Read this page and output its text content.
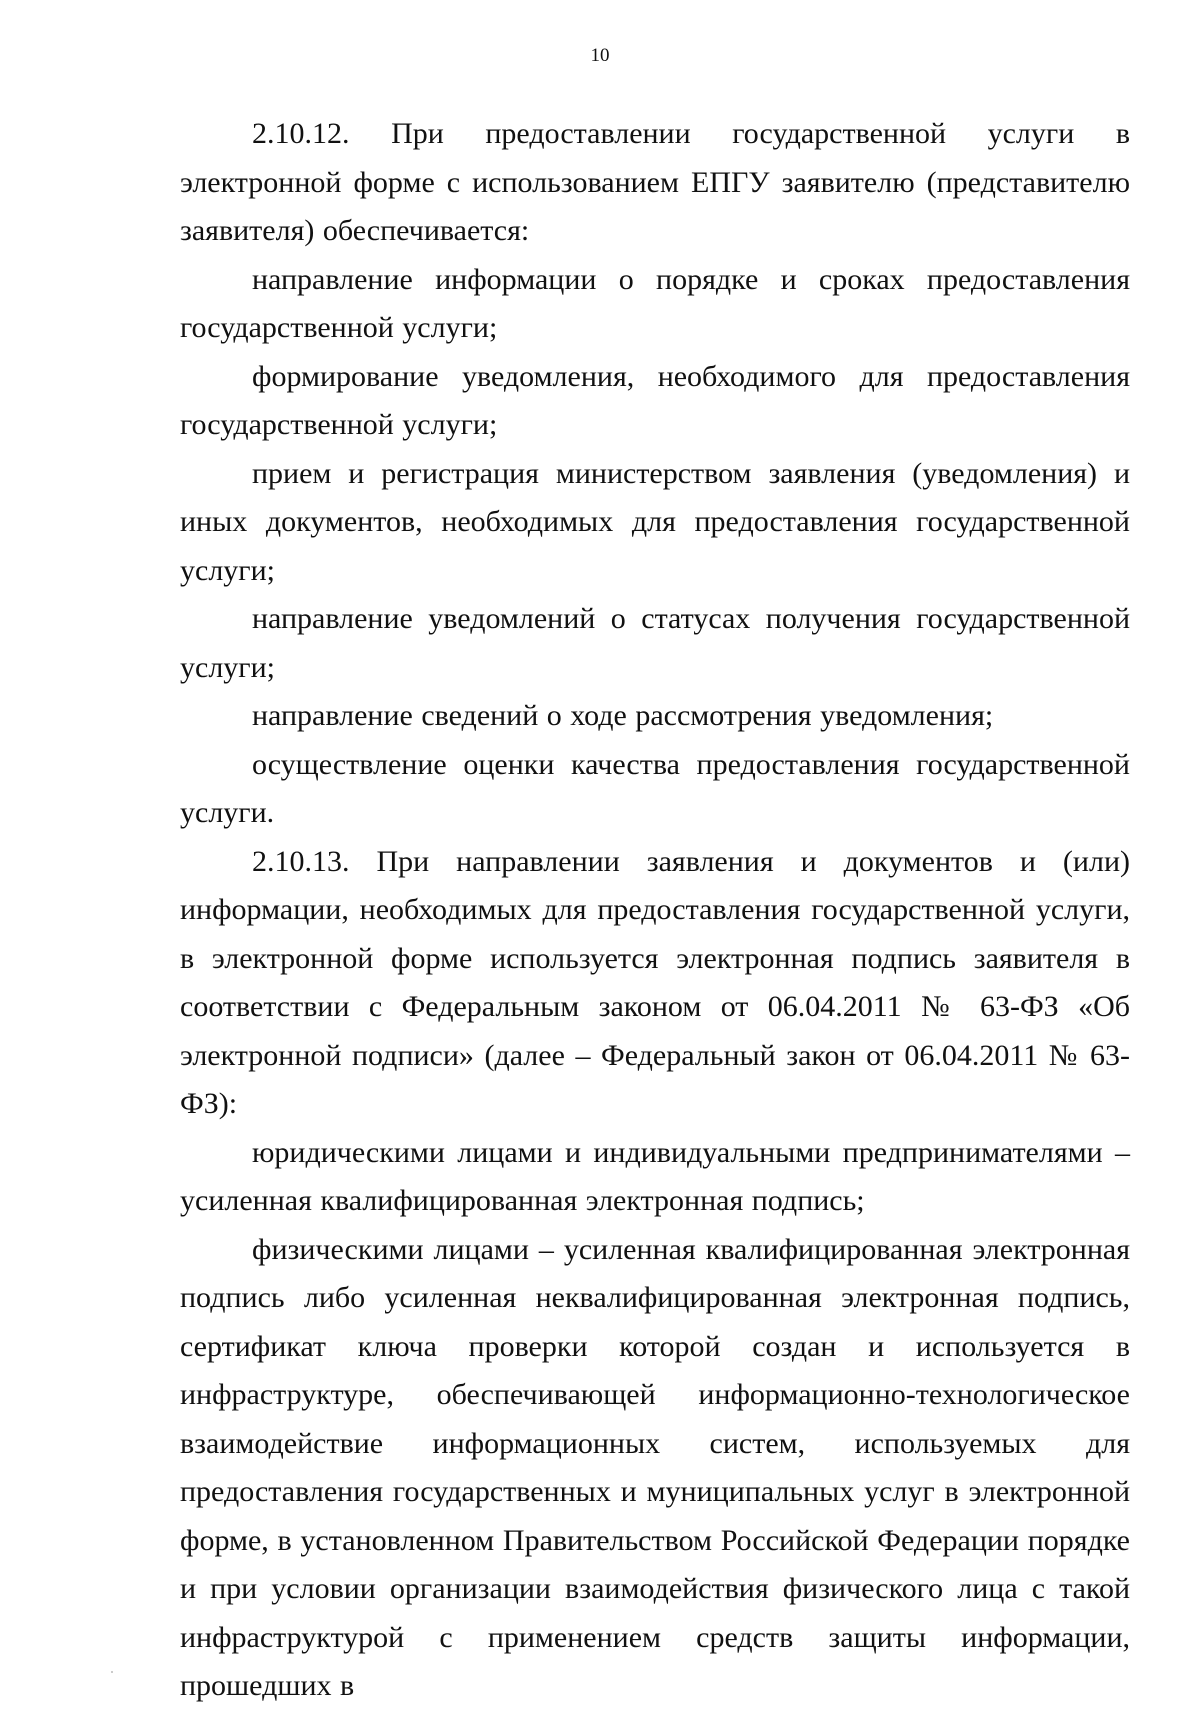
10

2.10.12. При предоставлении государственной услуги в электронной форме с использованием ЕПГУ заявителю (представителю заявителя) обеспечивается:

направление информации о порядке и сроках предоставления государственной услуги;

формирование уведомления, необходимого для предоставления государственной услуги;

прием и регистрация министерством заявления (уведомления) и иных документов, необходимых для предоставления государственной услуги;

направление уведомлений о статусах получения государственной услуги;

направление сведений о ходе рассмотрения уведомления;

осуществление оценки качества предоставления государственной услуги.

2.10.13. При направлении заявления и документов и (или) информации, необходимых для предоставления государственной услуги, в электронной форме используется электронная подпись заявителя в соответствии с Федеральным законом от 06.04.2011 № 63-ФЗ «Об электронной подписи» (далее – Федеральный закон от 06.04.2011 № 63-ФЗ):

юридическими лицами и индивидуальными предпринимателями – усиленная квалифицированная электронная подпись;

физическими лицами – усиленная квалифицированная электронная подпись либо усиленная неквалифицированная электронная подпись, сертификат ключа проверки которой создан и используется в инфраструктуре, обеспечивающей информационно-технологическое взаимодействие информационных систем, используемых для предоставления государственных и муниципальных услуг в электронной форме, в установленном Правительством Российской Федерации порядке и при условии организации взаимодействия физического лица с такой инфраструктурой с применением средств защиты информации, прошедших в
